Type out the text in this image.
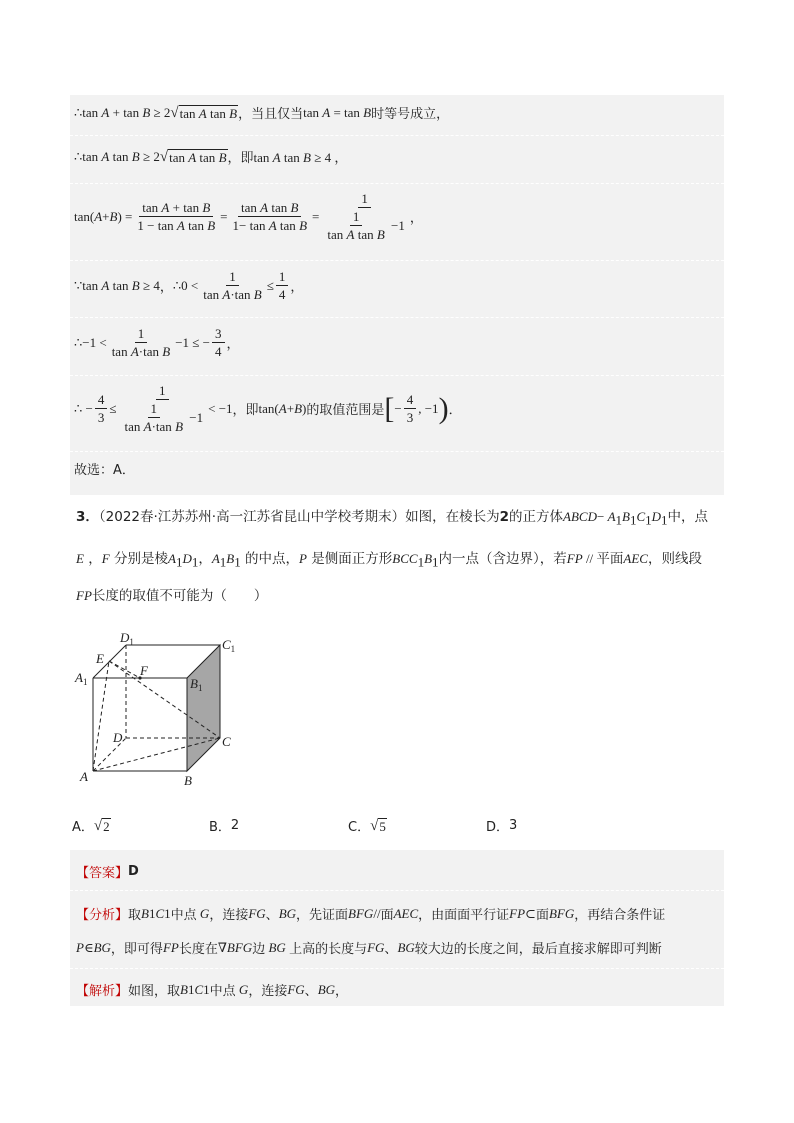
∴tan
A + tan B ≥ 2 √ tan A tan B ，当且仅当 tan A = tan B 时等号成立，
∴tan A tan B ≥ 2 √ tan A tan B ，即 tan A tan B ≥ 4 ，
$\tan(A+B) = \frac{\text{tan A + tan B}}{\text{1 − tan A tan B}} = \frac{\text{tan A tan B}}{\text{1− tan A tan B}} = \frac{1}{\frac{1}{\text{tan A tan B}} -1}$ ，
∵tan A tan B ≥ 4 ， ∴0 < $\frac{1}{\text{tan A·tan B}} \le \frac{1}{4}$ ，
∴−1 < $\frac{1}{\text{tan A·tan B}} -1$ ≤ − $\frac{3}{4}$ ，
∴ − $\frac{4}{3} \le \frac{1}{\frac{1}{\text{tan A·tan B}} -1} < -1$ ，即 tan(A+B) 的取值范围是 [ − $\frac{4}{3}$ , −1 ) ．
故选：A．
3．（2022春·江苏苏州·高一江苏省昆山中学校考期末）如图，在棱长为2的正方体ABCD− $A_1B_1C_1D_1$中，点
E ，F 分别是棱$A_1D_1$，$A_1B_1$ 的中点，P 是侧面正方形$BCC_1B_1$内一点（含边界），若FP // 平面AEC，则线段
FP长度的取值不可能为（　　）
$D_1$	$C_1$
E
F
$A_1$	$B_1$
D	C
A	B
A． √ 2	B． 2	C． √ 5	D． 3
【答案】 D
【分析】 取 B 1 C 1 中点 G ，连接 FG 、 BG ，先证面 BFG // 面 AEC ，由面面平行证 FP ⊂ 面 BFG ，再结合条件证
P ∈ BG ，即可得 FP 长度在 ∇ BFG 边 BG 上高的长度与 FG 、 BG 较大边的长度之间，最后直接求解即可判断
【解析】 如图，取 B 1 C 1 中点 G ，连接 FG 、 BG ，
